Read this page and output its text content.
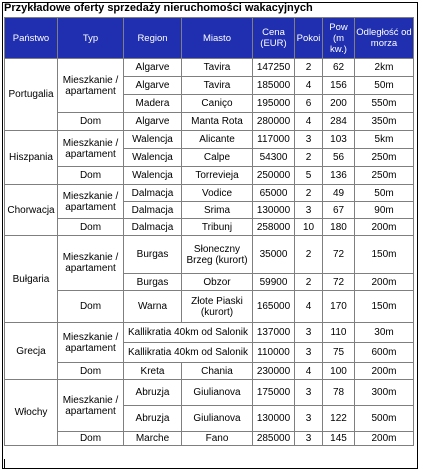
Przykładowe oferty sprzedaży nieruchomości wakacyjnych
Państwo	Typ	Region	Miasto	Cena (EUR)	Pokoi	Pow (m kw.)	Odległość od morza
Portugalia	Mieszkanie / apartament	Algarve	Tavira	147250	2	62	2km
		Algarve	Tavira	185000	4	156	50m
		Madera	Caniço	195000	6	200	550m
	Dom	Algarve	Manta Rota	280000	4	284	350m
Hiszpania	Mieszkanie / apartament	Walencja	Alicante	117000	3	103	5km
		Walencja	Calpe	54300	2	56	250m
	Dom	Walencja	Torrevieja	250000	5	136	250m
Chorwacja	Mieszkanie / apartament	Dalmacja	Vodice	65000	2	49	50m
		Dalmacja	Srima	130000	3	67	90m
	Dom	Dalmacja	Tribunj	258000	10	180	200m
Bułgaria	Mieszkanie / apartament	Burgas	Słoneczny Brzeg (kurort)	35000	2	72	150m
		Burgas	Obzor	59900	2	72	200m
	Dom	Warna	Złote Piaski (kurort)	165000	4	170	150m
Grecja	Mieszkanie / apartament	Kallikratia 40km od Salonik		137000	3	110	30m
		Kallikratia 40km od Salonik		110000	3	75	600m
	Dom	Kreta	Chania	230000	4	100	200m
Włochy	Mieszkanie / apartament	Abruzja	Giulianova	175000	3	78	300m
		Abruzja	Giulianova	130000	3	122	500m
	Dom	Marche	Fano	285000	3	145	200m
